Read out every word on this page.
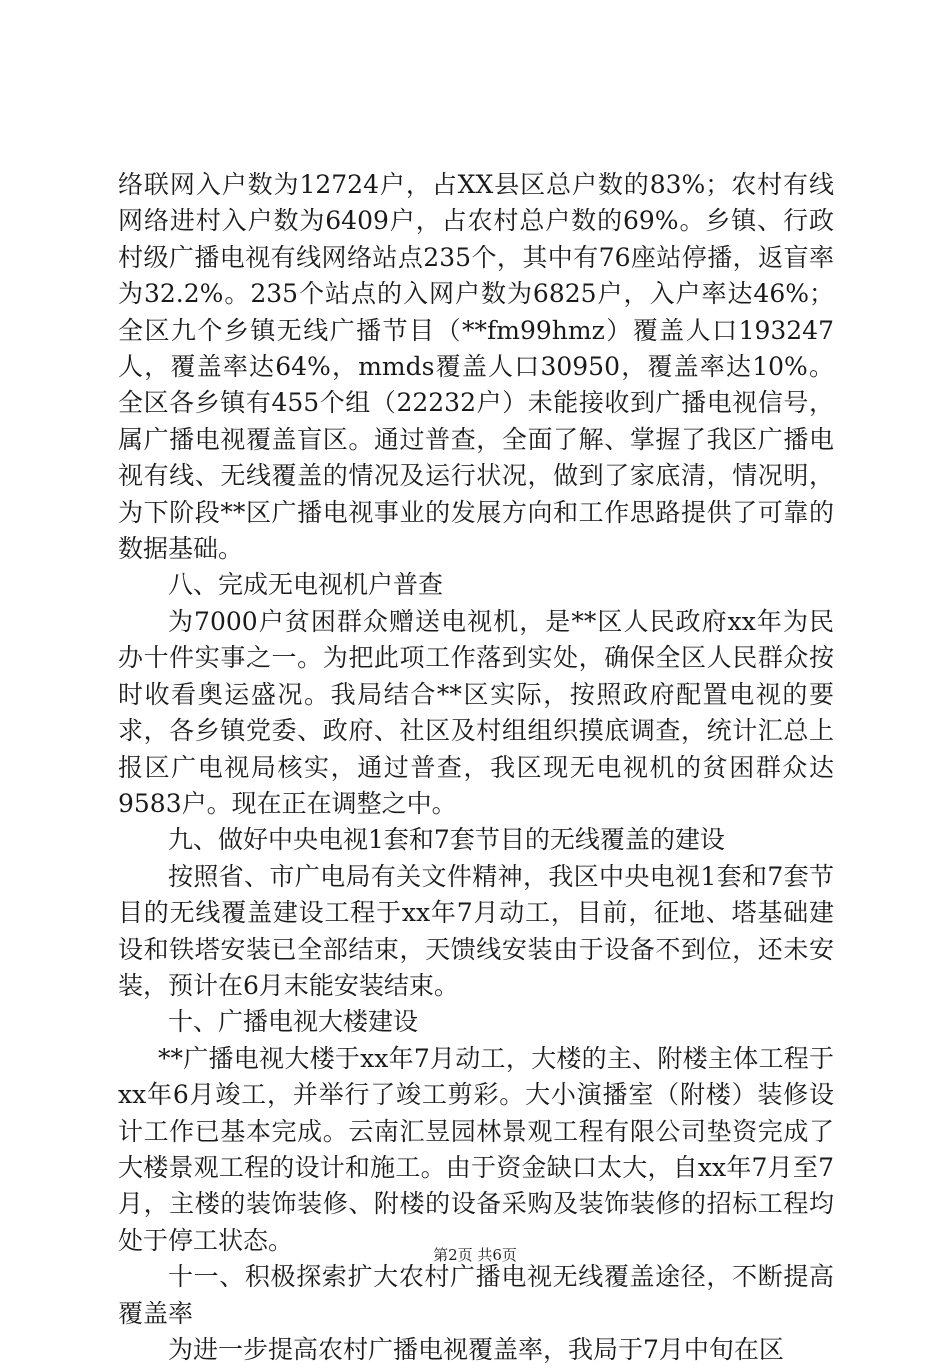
络联网入户数为12724户，占XX县区总户数的83%；农村有线网络进村入户数为6409户，占农村总户数的69%。乡镇、行政村级广播电视有线网络站点235个，其中有76座站停播，返盲率为32.2%。235个站点的入网户数为6825户，入户率达46%；全区九个乡镇无线广播节目（**fm99hmz）覆盖人口193247人，覆盖率达64%，mmds覆盖人口30950，覆盖率达10%。全区各乡镇有455个组（22232户）未能接收到广播电视信号，属广播电视覆盖盲区。通过普查，全面了解、掌握了我区广播电视有线、无线覆盖的情况及运行状况，做到了家底清，情况明，为下阶段**区广播电视事业的发展方向和工作思路提供了可靠的数据基础。

八、完成无电视机户普查

为7000户贫困群众赠送电视机，是**区人民政府xx年为民办十件实事之一。为把此项工作落到实处，确保全区人民群众按时收看奥运盛况。我局结合**区实际，按照政府配置电视的要求，各乡镇党委、政府、社区及村组组织摸底调查，统计汇总上报区广电视局核实，通过普查，我区现无电视机的贫困群众达9583户。现在正在调整之中。

九、做好中央电视1套和7套节目的无线覆盖的建设

按照省、市广电局有关文件精神，我区中央电视1套和7套节目的无线覆盖建设工程于xx年7月动工，目前，征地、塔基础建设和铁塔安装已全部结束，天馈线安装由于设备不到位，还未安装，预计在6月末能安装结束。

十、广播电视大楼建设

**广播电视大楼于xx年7月动工，大楼的主、附楼主体工程于xx年6月竣工，并举行了竣工剪彩。大小演播室（附楼）装修设计工作已基本完成。云南汇昱园林景观工程有限公司垫资完成了大楼景观工程的设计和施工。由于资金缺口太大，自xx年7月至7月，主楼的装饰装修、附楼的设备采购及装饰装修的招标工程均处于停工状态。

十一、积极探索扩大农村广播电视无线覆盖途径，不断提高覆盖率

为进一步提高农村广播电视覆盖率，我局于7月中旬在区

第2页 共6页
